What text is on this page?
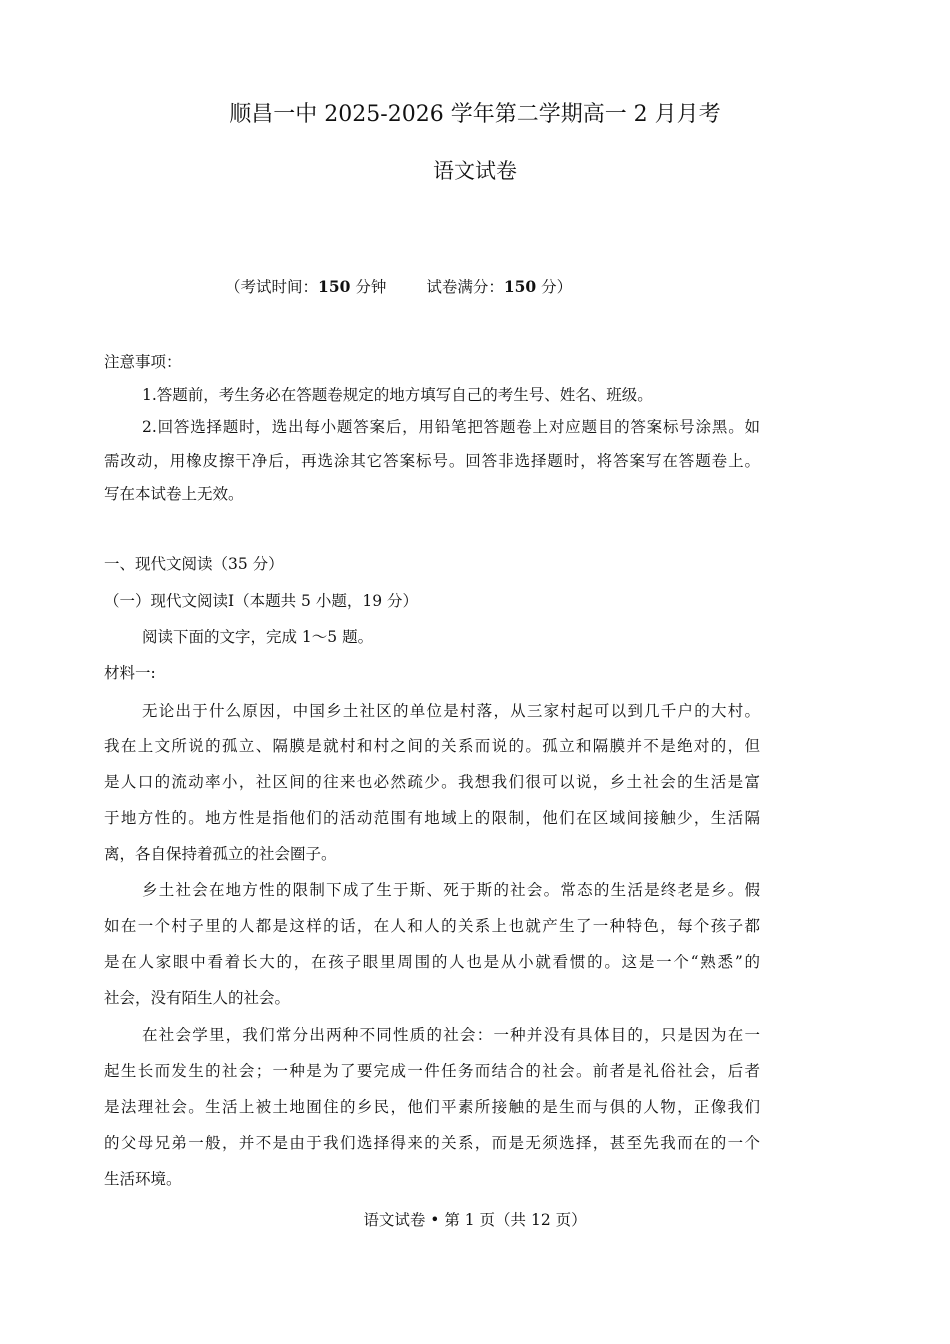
顺昌一中 2025-2026 学年第二学期高一 2 月月考
语文试卷
（考试时间：150 分钟	试卷满分：150 分）
注意事项：
1.答题前，考生务必在答题卷规定的地方填写自己的考生号、姓名、班级。
2.回答选择题时，选出每小题答案后，用铅笔把答题卷上对应题目的答案标号涂黑。如
需改动，用橡皮擦干净后，再选涂其它答案标号。回答非选择题时，将答案写在答题卷上。
写在本试卷上无效。
一、现代文阅读（35 分）
（一）现代文阅读Ⅰ（本题共 5 小题，19 分）
阅读下面的文字，完成 1～5 题。
材料一:
无论出于什么原因，中国乡土社区的单位是村落，从三家村起可以到几千户的大村。
我在上文所说的孤立、隔膜是就村和村之间的关系而说的。孤立和隔膜并不是绝对的，但
是人口的流动率小，社区间的往来也必然疏少。我想我们很可以说，乡土社会的生活是富
于地方性的。地方性是指他们的活动范围有地域上的限制，他们在区域间接触少，生活隔
离，各自保持着孤立的社会圈子。
乡土社会在地方性的限制下成了生于斯、死于斯的社会。常态的生活是终老是乡。假
如在一个村子里的人都是这样的话，在人和人的关系上也就产生了一种特色，每个孩子都
是在人家眼中看着长大的，在孩子眼里周围的人也是从小就看惯的。这是一个“熟悉”的
社会，没有陌生人的社会。
在社会学里，我们常分出两种不同性质的社会：一种并没有具体目的，只是因为在一
起生长而发生的社会；一种是为了要完成一件任务而结合的社会。前者是礼俗社会，后者
是法理社会。生活上被土地囿住的乡民，他们平素所接触的是生而与俱的人物，正像我们
的父母兄弟一般，并不是由于我们选择得来的关系，而是无须选择，甚至先我而在的一个
生活环境。
语文试卷 • 第 1 页（共 12 页）
